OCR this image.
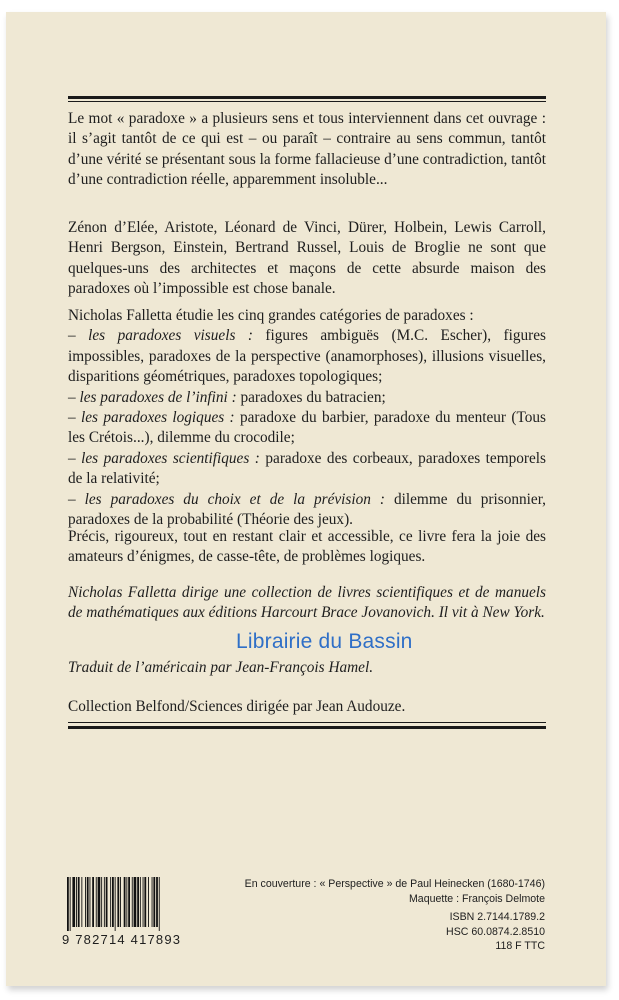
Le mot « paradoxe » a plusieurs sens et tous interviennent dans cet ouvrage : il s’agit tantôt de ce qui est – ou paraît – contraire au sens commun, tantôt d’une vérité se présentant sous la forme fallacieuse d’une contradiction, tantôt d’une contradiction réelle, apparemment insoluble...

Zénon d’Elée, Aristote, Léonard de Vinci, Dürer, Holbein, Lewis Carroll, Henri Bergson, Einstein, Bertrand Russel, Louis de Broglie ne sont que quelques-uns des architectes et maçons de cette absurde maison des paradoxes où l’impossible est chose banale.

Nicholas Falletta étudie les cinq grandes catégories de paradoxes :

– les paradoxes visuels : figures ambiguës (M.C. Escher), figures impossibles, paradoxes de la perspective (anamorphoses), illusions visuelles, disparitions géométriques, paradoxes topologiques;

– les paradoxes de l’infini : paradoxes du batracien;

– les paradoxes logiques : paradoxe du barbier, paradoxe du menteur (Tous les Crétois...), dilemme du crocodile;

– les paradoxes scientifiques : paradoxe des corbeaux, paradoxes temporels de la relativité;

– les paradoxes du choix et de la prévision : dilemme du prisonnier, paradoxes de la probabilité (Théorie des jeux).

Précis, rigoureux, tout en restant clair et accessible, ce livre fera la joie des amateurs d’énigmes, de casse-tête, de problèmes logiques.

Nicholas Falletta dirige une collection de livres scientifiques et de manuels de mathématiques aux éditions Harcourt Brace Jovanovich. Il vit à New York.

Librairie du Bassin

Traduit de l’américain par Jean-François Hamel.

Collection Belfond/Sciences dirigée par Jean Audouze.

9 782714 417893
En couverture : « Perspective » de Paul Heinecken (1680-1746)
Maquette : François Delmote
ISBN 2.7144.1789.2
HSC 60.0874.2.8510
118 F TTC
